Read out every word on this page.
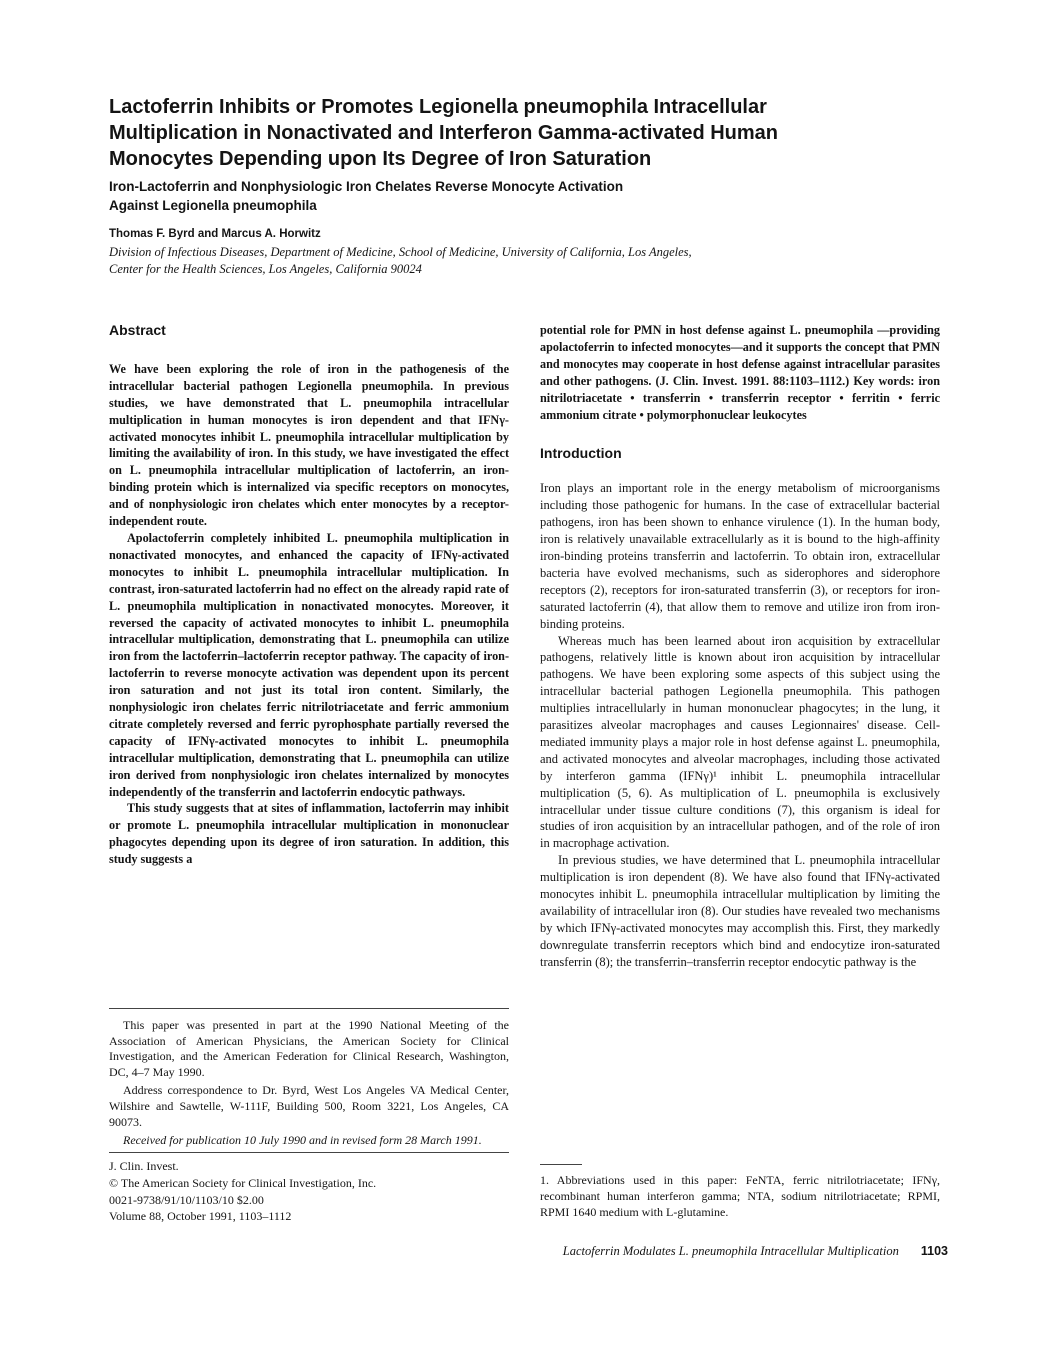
Lactoferrin Inhibits or Promotes Legionella pneumophila Intracellular
Multiplication in Nonactivated and Interferon Gamma-activated Human
Monocytes Depending upon Its Degree of Iron Saturation
Iron-Lactoferrin and Nonphysiologic Iron Chelates Reverse Monocyte Activation
Against Legionella pneumophila
Thomas F. Byrd and Marcus A. Horwitz
Division of Infectious Diseases, Department of Medicine, School of Medicine, University of California, Los Angeles,
Center for the Health Sciences, Los Angeles, California 90024
Abstract

We have been exploring the role of iron in the pathogenesis of the intracellular bacterial pathogen Legionella pneumophila. In previous studies, we have demonstrated that L. pneumophila intracellular multiplication in human monocytes is iron dependent and that IFNγ-activated monocytes inhibit L. pneumophila intracellular multiplication by limiting the availability of iron. In this study, we have investigated the effect on L. pneumophila intracellular multiplication of lactoferrin, an iron-binding protein which is internalized via specific receptors on monocytes, and of nonphysiologic iron chelates which enter monocytes by a receptor-independent route.

Apolactoferrin completely inhibited L. pneumophila multiplication in nonactivated monocytes, and enhanced the capacity of IFNγ-activated monocytes to inhibit L. pneumophila intracellular multiplication. In contrast, iron-saturated lactoferrin had no effect on the already rapid rate of L. pneumophila multiplication in nonactivated monocytes. Moreover, it reversed the capacity of activated monocytes to inhibit L. pneumophila intracellular multiplication, demonstrating that L. pneumophila can utilize iron from the lactoferrin–lactoferrin receptor pathway. The capacity of iron-lactoferrin to reverse monocyte activation was dependent upon its percent iron saturation and not just its total iron content. Similarly, the nonphysiologic iron chelates ferric nitrilotriacetate and ferric ammonium citrate completely reversed and ferric pyrophosphate partially reversed the capacity of IFNγ-activated monocytes to inhibit L. pneumophila intracellular multiplication, demonstrating that L. pneumophila can utilize iron derived from nonphysiologic iron chelates internalized by monocytes independently of the transferrin and lactoferrin endocytic pathways.

This study suggests that at sites of inflammation, lactoferrin may inhibit or promote L. pneumophila intracellular multiplication in mononuclear phagocytes depending upon its degree of iron saturation. In addition, this study suggests a

potential role for PMN in host defense against L. pneumophila —providing apolactoferrin to infected monocytes—and it supports the concept that PMN and monocytes may cooperate in host defense against intracellular parasites and other pathogens. (J. Clin. Invest. 1991. 88:1103–1112.) Key words: iron nitrilotriacetate • transferrin • transferrin receptor • ferritin • ferric ammonium citrate • polymorphonuclear leukocytes

Introduction

Iron plays an important role in the energy metabolism of microorganisms including those pathogenic for humans. In the case of extracellular bacterial pathogens, iron has been shown to enhance virulence (1). In the human body, iron is relatively unavailable extracellularly as it is bound to the high-affinity iron-binding proteins transferrin and lactoferrin. To obtain iron, extracellular bacteria have evolved mechanisms, such as siderophores and siderophore receptors (2), receptors for iron-saturated transferrin (3), or receptors for iron-saturated lactoferrin (4), that allow them to remove and utilize iron from iron-binding proteins.

Whereas much has been learned about iron acquisition by extracellular pathogens, relatively little is known about iron acquisition by intracellular pathogens. We have been exploring some aspects of this subject using the intracellular bacterial pathogen Legionella pneumophila. This pathogen multiplies intracellularly in human mononuclear phagocytes; in the lung, it parasitizes alveolar macrophages and causes Legionnaires' disease. Cell-mediated immunity plays a major role in host defense against L. pneumophila, and activated monocytes and alveolar macrophages, including those activated by interferon gamma (IFNγ)¹ inhibit L. pneumophila intracellular multiplication (5, 6). As multiplication of L. pneumophila is exclusively intracellular under tissue culture conditions (7), this organism is ideal for studies of iron acquisition by an intracellular pathogen, and of the role of iron in macrophage activation.

In previous studies, we have determined that L. pneumophila intracellular multiplication is iron dependent (8). We have also found that IFNγ-activated monocytes inhibit L. pneumophila intracellular multiplication by limiting the availability of intracellular iron (8). Our studies have revealed two mechanisms by which IFNγ-activated monocytes may accomplish this. First, they markedly downregulate transferrin receptors which bind and endocytize iron-saturated transferrin (8); the transferrin–transferrin receptor endocytic pathway is the

This paper was presented in part at the 1990 National Meeting of the Association of American Physicians, the American Society for Clinical Investigation, and the American Federation for Clinical Research, Washington, DC, 4–7 May 1990.

Address correspondence to Dr. Byrd, West Los Angeles VA Medical Center, Wilshire and Sawtelle, W-111F, Building 500, Room 3221, Los Angeles, CA 90073.

Received for publication 10 July 1990 and in revised form 28 March 1991.

J. Clin. Invest.
© The American Society for Clinical Investigation, Inc.
0021-9738/91/10/1103/10 $2.00
Volume 88, October 1991, 1103–1112
1. Abbreviations used in this paper: FeNTA, ferric nitrilotriacetate; IFNγ, recombinant human interferon gamma; NTA, sodium nitrilotriacetate; RPMI, RPMI 1640 medium with L-glutamine.
Lactoferrin Modulates L. pneumophila Intracellular Multiplication 1103
